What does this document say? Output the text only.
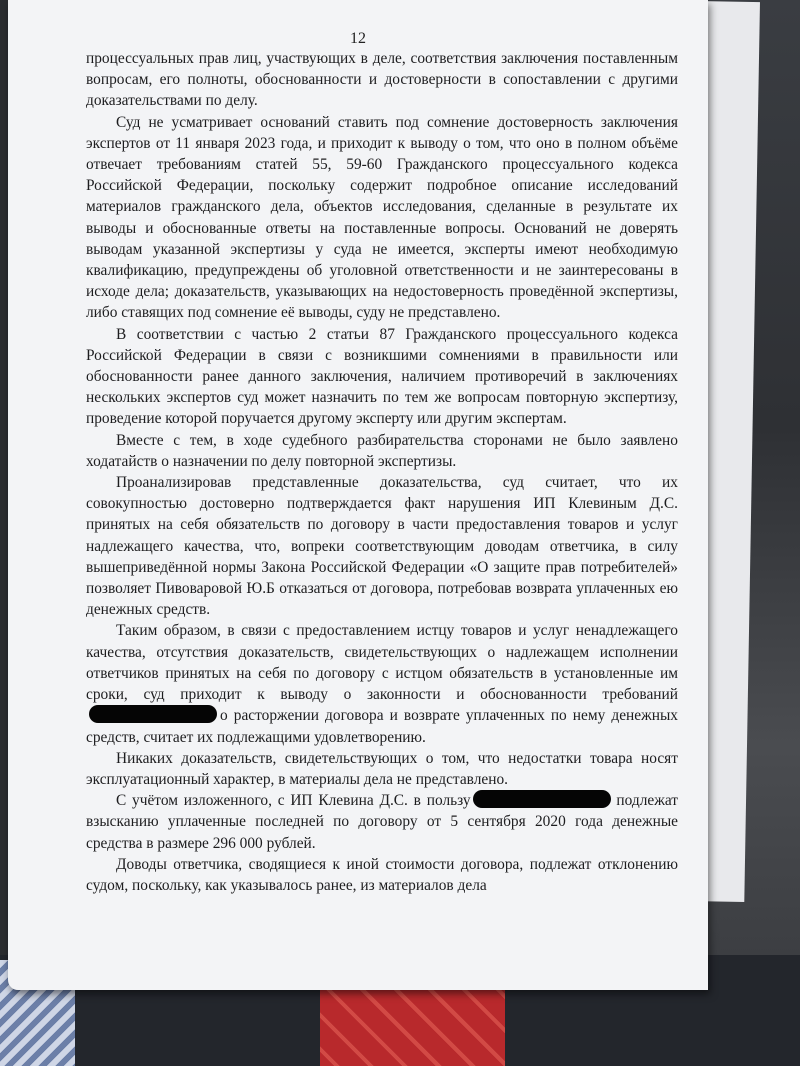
12

процессуальных прав лиц, участвующих в деле, соответствия заключения поставленным вопросам, его полноты, обоснованности и достоверности в сопоставлении с другими доказательствами по делу.

Суд не усматривает оснований ставить под сомнение достоверность заключения экспертов от 11 января 2023 года, и приходит к выводу о том, что оно в полном объёме отвечает требованиям статей 55, 59-60 Гражданского процессуального кодекса Российской Федерации, поскольку содержит подробное описание исследований материалов гражданского дела, объектов исследования, сделанные в результате их выводы и обоснованные ответы на поставленные вопросы. Оснований не доверять выводам указанной экспертизы у суда не имеется, эксперты имеют необходимую квалификацию, предупреждены об уголовной ответственности и не заинтересованы в исходе дела; доказательств, указывающих на недостоверность проведённой экспертизы, либо ставящих под сомнение её выводы, суду не представлено.

В соответствии с частью 2 статьи 87 Гражданского процессуального кодекса Российской Федерации в связи с возникшими сомнениями в правильности или обоснованности ранее данного заключения, наличием противоречий в заключениях нескольких экспертов суд может назначить по тем же вопросам повторную экспертизу, проведение которой поручается другому эксперту или другим экспертам.

Вместе с тем, в ходе судебного разбирательства сторонами не было заявлено ходатайств о назначении по делу повторной экспертизы.

Проанализировав представленные доказательства, суд считает, что их совокупностью достоверно подтверждается факт нарушения ИП Клевиным Д.С. принятых на себя обязательств по договору в части предоставления товаров и услуг надлежащего качества, что, вопреки соответствующим доводам ответчика, в силу вышеприведённой нормы Закона Российской Федерации «О защите прав потребителей» позволяет Пивоваровой Ю.Б отказаться от договора, потребовав возврата уплаченных ею денежных средств.

Таким образом, в связи с предоставлением истцу товаров и услуг ненадлежащего качества, отсутствия доказательств, свидетельствующих о надлежащем исполнении ответчиков принятых на себя по договору с истцом обязательств в установленные им сроки, суд приходит к выводу о законности и обоснованности требованийо расторжении договора и возврате уплаченных по нему денежных средств, считает их подлежащими удовлетворению.

Никаких доказательств, свидетельствующих о том, что недостатки товара носят эксплуатационный характер, в материалы дела не представлено.

С учётом изложенного, с ИП Клевина Д.С. в пользу	подлежат взысканию уплаченные последней по договору от 5 сентября 2020 года денежные средства в размере 296 000 рублей.

Доводы ответчика, сводящиеся к иной стоимости договора, подлежат отклонению судом, поскольку, как указывалось ранее, из материалов дела
